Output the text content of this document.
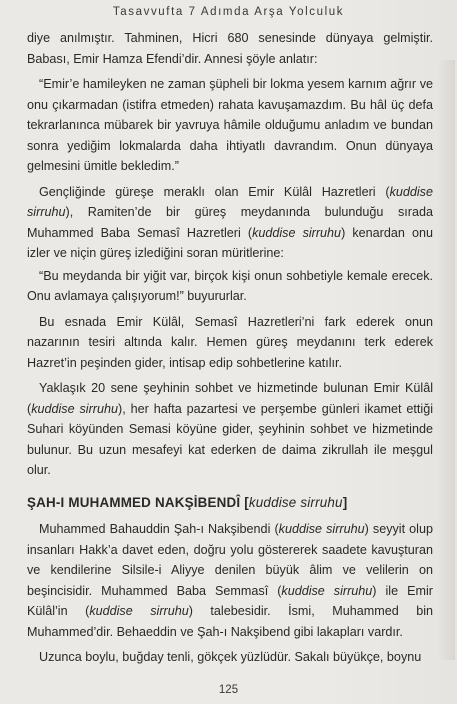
Tasavvufta 7 Adımda Arşa Yolculuk

diye anılmıştır. Tahminen, Hicri 680 senesinde dünyaya gelmiştir. Babası, Emir Hamza Efendi’dir. Annesi şöyle anlatır:

“Emir’e hamileyken ne zaman şüpheli bir lokma yesem karnım ağrır ve onu çıkarmadan (istifra etmeden) rahata kavuşamazdım. Bu hâl üç defa tekrarlanınca mübarek bir yavruya hâmile olduğumu anladım ve bundan sonra yediğim lokmalarda daha ihtiyatlı davrandım. Onun dünyaya gelmesini ümitle bekledim.”

Gençliğinde güreşe meraklı olan Emir Külâl Hazretleri (kuddise sirruhu), Ramiten’de bir güreş meydanında bulunduğu sırada Muhammed Baba Semasî Hazretleri (kuddise sirruhu) kenardan onu izler ve niçin güreş izlediğini soran müritlerine:

“Bu meydanda bir yiğit var, birçok kişi onun sohbetiyle kemale erecek. Onu avlamaya çalışıyorum!” buyururlar.

Bu esnada Emir Külâl, Semasî Hazretleri’ni fark ederek onun nazarının tesiri altında kalır. Hemen güreş meydanını terk ederek Hazret’in peşinden gider, intisap edip sohbetlerine katılır.

Yaklaşık 20 sene şeyhinin sohbet ve hizmetinde bulunan Emir Külâl (kuddise sirruhu), her hafta pazartesi ve perşembe günleri ikamet ettiği Suhari köyünden Semasi köyüne gider, şeyhinin sohbet ve hizmetinde bulunur. Bu uzun mesafeyi kat ederken de daima zikrullah ile meşgul olur.

ŞAH-I MUHAMMED NAKŞİBENDÎ [kuddise sirruhu]

Muhammed Bahauddin Şah-ı Nakşibendi (kuddise sirruhu) seyyit olup insanları Hakk’a davet eden, doğru yolu göstererek saadete kavuşturan ve kendilerine Silsile-i Aliyye denilen büyük âlim ve velilerin on beşincisidir. Muhammed Baba Semmasî (kuddise sirruhu) ile Emir Külâl’in (kuddise sirruhu) talebesidir. İsmi, Muhammed bin Muhammed’dir. Behaeddin ve Şah-ı Nakşibend gibi lakapları vardır.

Uzunca boylu, buğday tenli, gökçek yüzlüdür. Sakalı büyükçe, boynu

125
